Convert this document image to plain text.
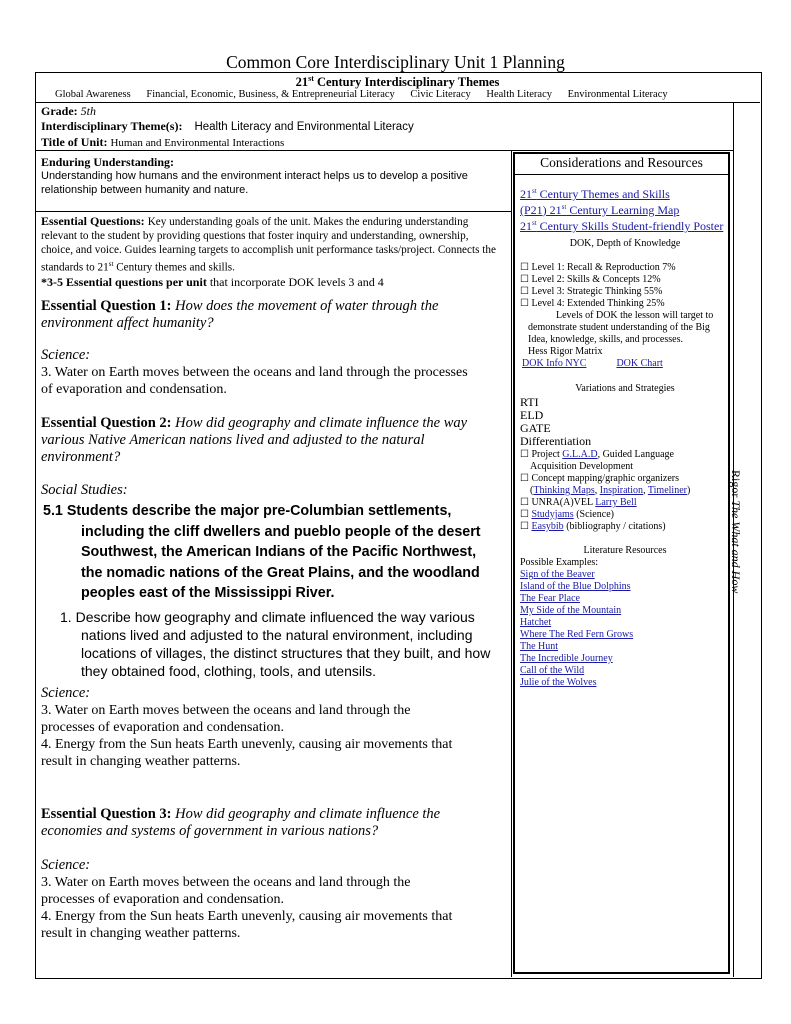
Common Core Interdisciplinary Unit 1 Planning
21st Century Interdisciplinary Themes
Global Awareness Financial, Economic, Business, & Entrepreneurial Literacy Civic Literacy Health Literacy Environmental Literacy
Rigor The What and How
Grade: 5th
Interdisciplinary Theme(s): Health Literacy and Environmental Literacy
Title of Unit: Human and Environmental Interactions
Enduring Understanding:
Understanding how humans and the environment interact helps us to develop a positive relationship between humanity and nature.
Essential Questions: Key understanding goals of the unit. Makes the enduring understanding relevant to the student by providing questions that foster inquiry and understanding, ownership, choice, and voice. Guides learning targets to accomplish unit performance tasks/project. Connects the standards to 21st Century themes and skills.
*3-5 Essential questions per unit that incorporate DOK levels 3 and 4
Essential Question 1: How does the movement of water through the environment affect humanity?
Science:
3. Water on Earth moves between the oceans and land through the processes of evaporation and condensation.
Essential Question 2: How did geography and climate influence the way various Native American nations lived and adjusted to the natural environment?
Social Studies:
5.1 Students describe the major pre-Columbian settlements,
including the cliff dwellers and pueblo people of the desert
Southwest, the American Indians of the Pacific Northwest,
the nomadic nations of the Great Plains, and the woodland
peoples east of the Mississippi River.
1. Describe how geography and climate influenced the way various
nations lived and adjusted to the natural environment, including
locations of villages, the distinct structures that they built, and how
they obtained food, clothing, tools, and utensils.
Science:
3. Water on Earth moves between the oceans and land through the
processes of evaporation and condensation.
4. Energy from the Sun heats Earth unevenly, causing air movements that
result in changing weather patterns.
Essential Question 3: How did geography and climate influence the economies and systems of government in various nations?
Science:
3. Water on Earth moves between the oceans and land through the
processes of evaporation and condensation.
4. Energy from the Sun heats Earth unevenly, causing air movements that
result in changing weather patterns.
Considerations and Resources
21st Century Themes and Skills
(P21) 21st Century Learning Map
21st Century Skills Student-friendly Poster
DOK, Depth of Knowledge
☐ Level 1: Recall & Reproduction 7%
☐ Level 2: Skills & Concepts 12%
☐ Level 3: Strategic Thinking 55%
☐ Level 4: Extended Thinking 25%
Levels of DOK the lesson will target to demonstrate student understanding of the Big Idea, knowledge, skills, and processes.
Hess Rigor Matrix
DOK Info NYC	DOK Chart
Variations and Strategies
RTI
ELD
GATE
Differentiation
☐ Project G.L.A.D, Guided Language
Acquisition Development
☐ Concept mapping/graphic organizers
(Thinking Maps, Inspiration, Timeliner)
☐ UNRA(A)VEL Larry Bell
☐ Studyjams (Science)
☐ Easybib (bibliography / citations)
Literature Resources
Possible Examples:
Sign of the Beaver
Island of the Blue Dolphins
The Fear Place
My Side of the Mountain
Hatchet
Where The Red Fern Grows
The Hunt
The Incredible Journey
Call of the Wild
Julie of the Wolves
